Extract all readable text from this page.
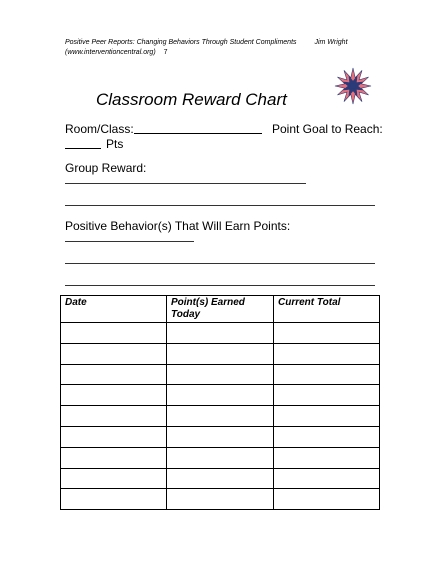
Positive Peer Reports: Changing Behaviors Through Student Compliments	Jim Wright
(www.interventioncentral.org) 7
Classroom Reward Chart
Room/Class:	Point Goal to Reach:
Pts
Group Reward:
Positive Behavior(s) That Will Earn Points:
Date	Point(s) Earned Today	Current Total
